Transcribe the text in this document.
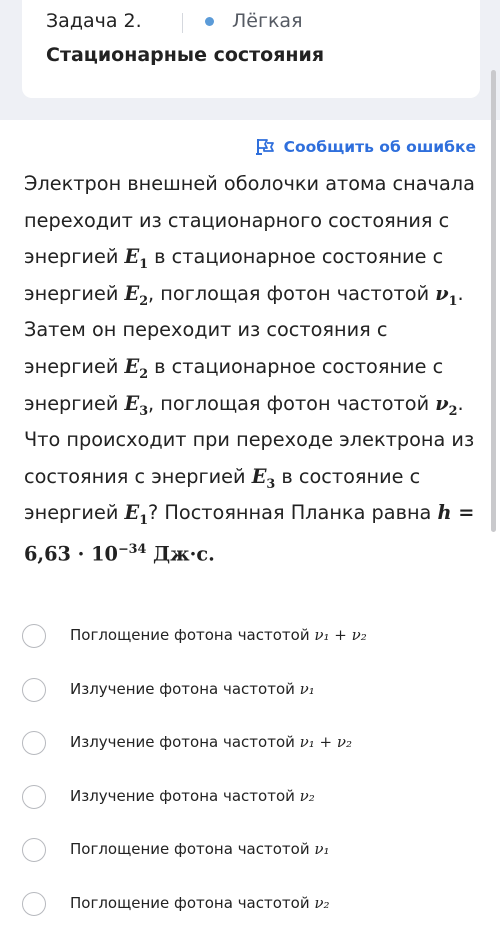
Задача 2.	Лёгкая
Стационарные состояния
Сообщить об ошибке
Электрон внешней оболочки атома сначала переходит из стационарного состояния с энергией $E_1$ в стационарное состояние с энергией $E_2$, поглощая фотон частотой $\nu_1$. Затем он переходит из состояния с энергией $E_2$ в стационарное состояние с энергией $E_3$, поглощая фотон частотой $\nu_2$. Что происходит при переходе электрона из состояния с энергией $E_3$ в состояние с энергией $E_1$? Постоянная Планка равна $h = 6,63 \cdot 10^{-34}$ Дж·с.
Поглощение фотона частотой ν₁ + ν₂
Излучение фотона частотой ν₁
Излучение фотона частотой ν₁ + ν₂
Излучение фотона частотой ν₂
Поглощение фотона частотой ν₁
Поглощение фотона частотой ν₂
